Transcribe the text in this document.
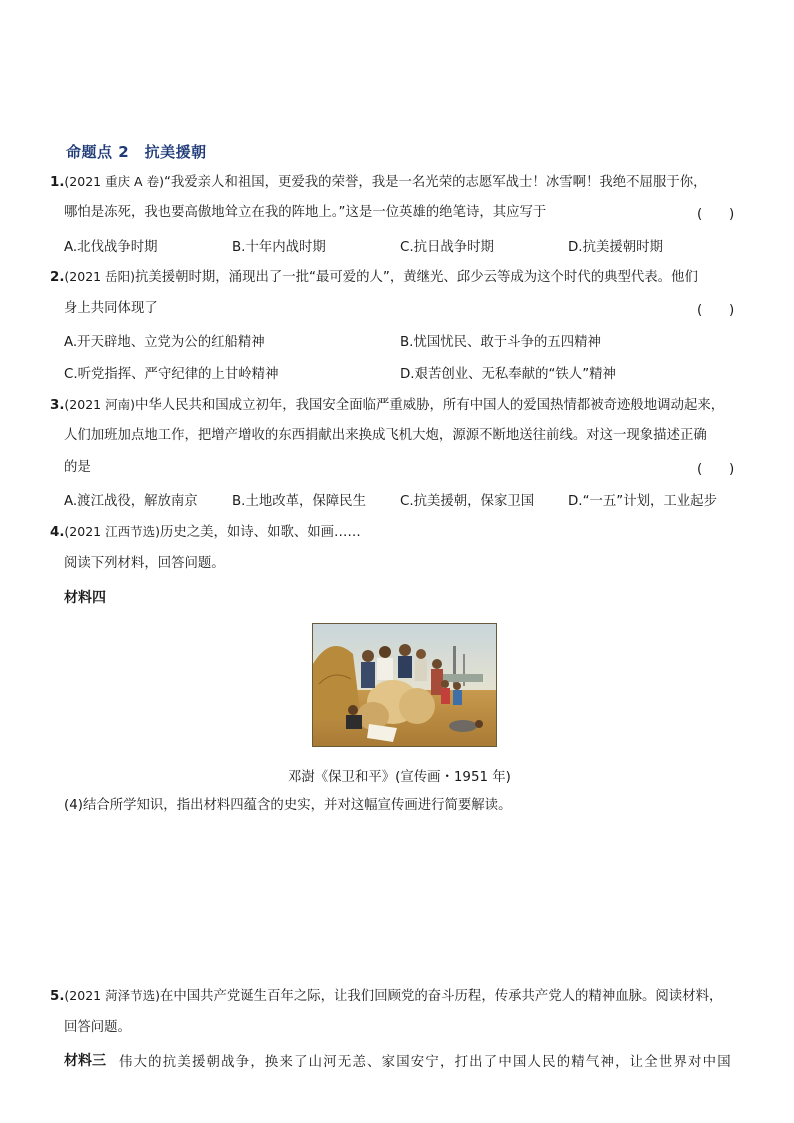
命题点 2　抗美援朝
1.(2021 重庆 A 卷)“我爱亲人和祖国，更爱我的荣誉，我是一名光荣的志愿军战士！冰雪啊！我绝不屈服于你，
哪怕是冻死，我也要高傲地耸立在我的阵地上。”这是一位英雄的绝笔诗，其应写于	(　　)
A.北伐战争时期	B.十年内战时期	C.抗日战争时期	D.抗美援朝时期
2.(2021 岳阳)抗美援朝时期，涌现出了一批“最可爱的人”，黄继光、邱少云等成为这个时代的典型代表。他们
身上共同体现了	(　　)
A.开天辟地、立党为公的红船精神	B.忧国忧民、敢于斗争的五四精神
C.听党指挥、严守纪律的上甘岭精神	D.艰苦创业、无私奉献的“铁人”精神
3.(2021 河南)中华人民共和国成立初年，我国安全面临严重威胁，所有中国人的爱国热情都被奇迹般地调动起来，
人们加班加点地工作，把增产增收的东西捐献出来换成飞机大炮，源源不断地送往前线。对这一现象描述正确
的是	(　　)
A.渡江战役，解放南京	B.土地改革，保障民生	C.抗美援朝，保家卫国	D.“一五”计划，工业起步
4.(2021 江西节选)历史之美，如诗、如歌、如画……
阅读下列材料，回答问题。
材料四
邓澍《保卫和平》(宣传画・1951 年)
(4)结合所学知识，指出材料四蕴含的史实，并对这幅宣传画进行简要解读。
5.(2021 菏泽节选)在中国共产党诞生百年之际，让我们回顾党的奋斗历程，传承共产党人的精神血脉。阅读材料，
回答问题。
材料三 伟大的抗美援朝战争，换来了山河无恙、家国安宁，打出了中国人民的精气神，让全世界对中国
